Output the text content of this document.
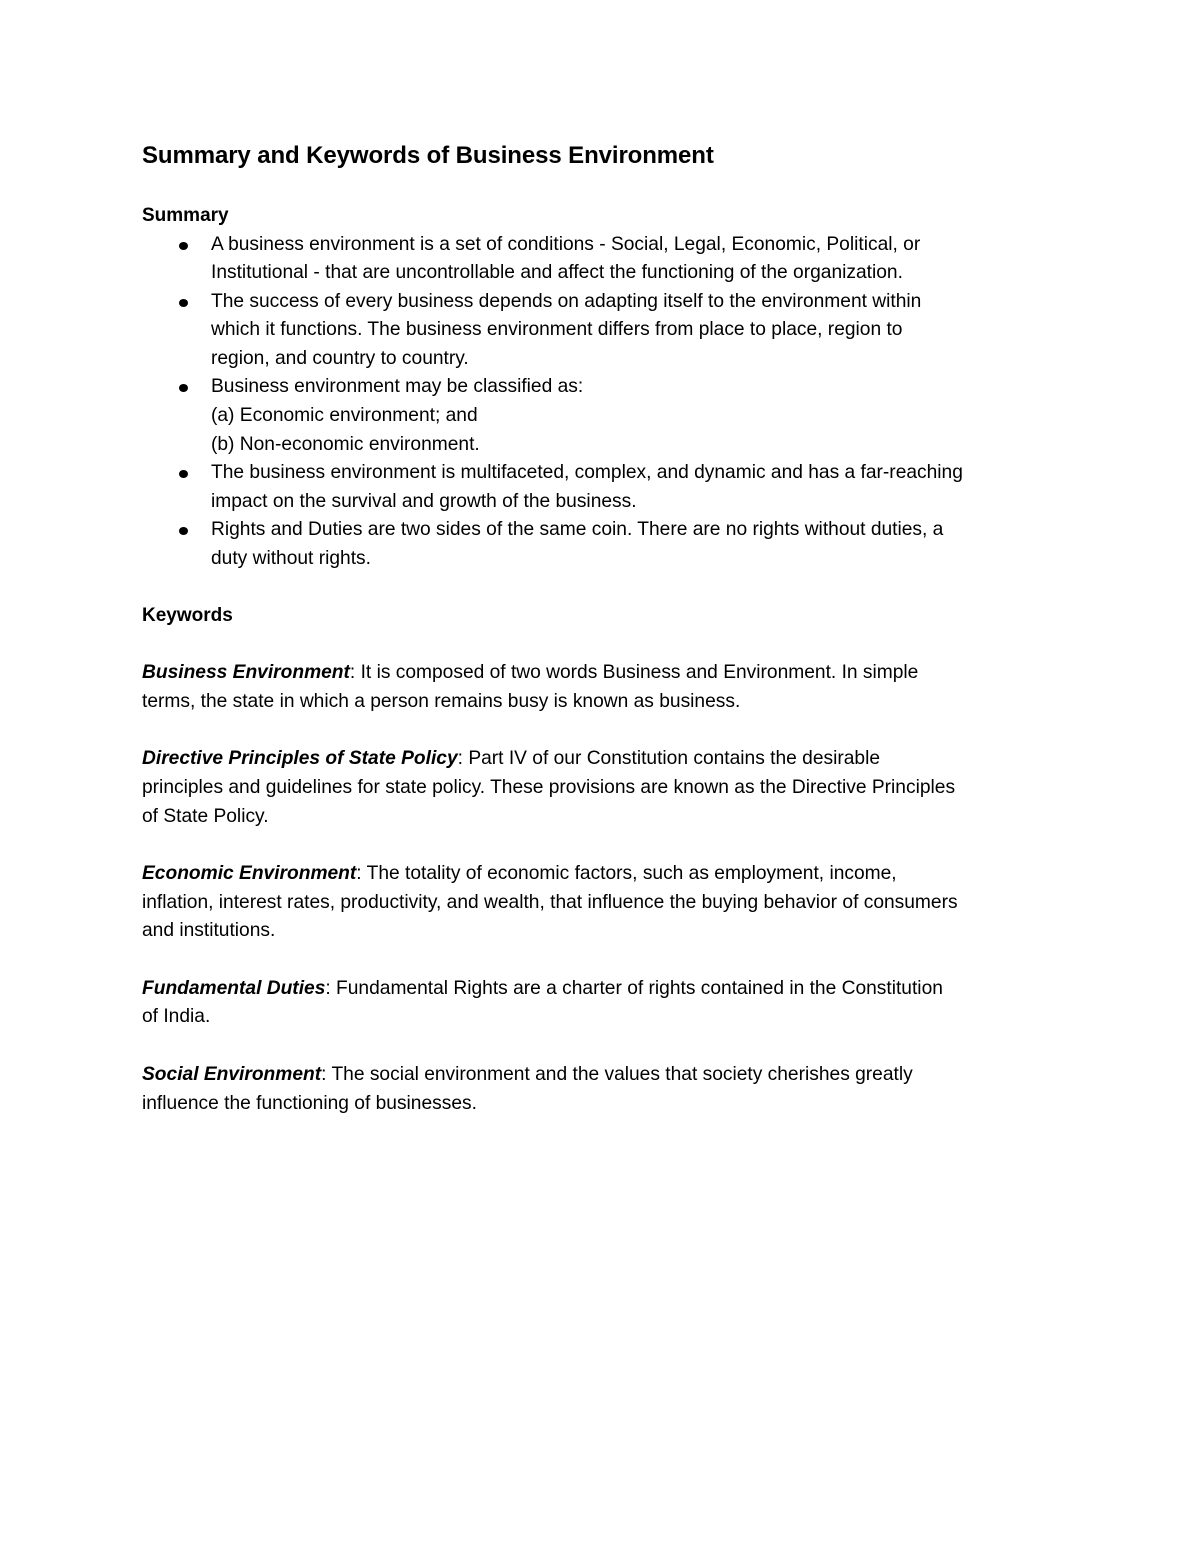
Summary and Keywords of Business Environment
Summary
A business environment is a set of conditions - Social, Legal, Economic, Political, or
Institutional - that are uncontrollable and affect the functioning of the organization.
The success of every business depends on adapting itself to the environment within
which it functions. The business environment differs from place to place, region to
region, and country to country.
Business environment may be classified as:
(a) Economic environment; and
(b) Non-economic environment.
The business environment is multifaceted, complex, and dynamic and has a far-reaching
impact on the survival and growth of the business.
Rights and Duties are two sides of the same coin. There are no rights without duties, a
duty without rights.
Keywords

Business Environment: It is composed of two words Business and Environment. In simple
terms, the state in which a person remains busy is known as business.

Directive Principles of State Policy: Part IV of our Constitution contains the desirable
principles and guidelines for state policy. These provisions are known as the Directive Principles
of State Policy.

Economic Environment: The totality of economic factors, such as employment, income,
inflation, interest rates, productivity, and wealth, that influence the buying behavior of consumers
and institutions.

Fundamental Duties: Fundamental Rights are a charter of rights contained in the Constitution
of India.

Social Environment: The social environment and the values that society cherishes greatly
influence the functioning of businesses.
